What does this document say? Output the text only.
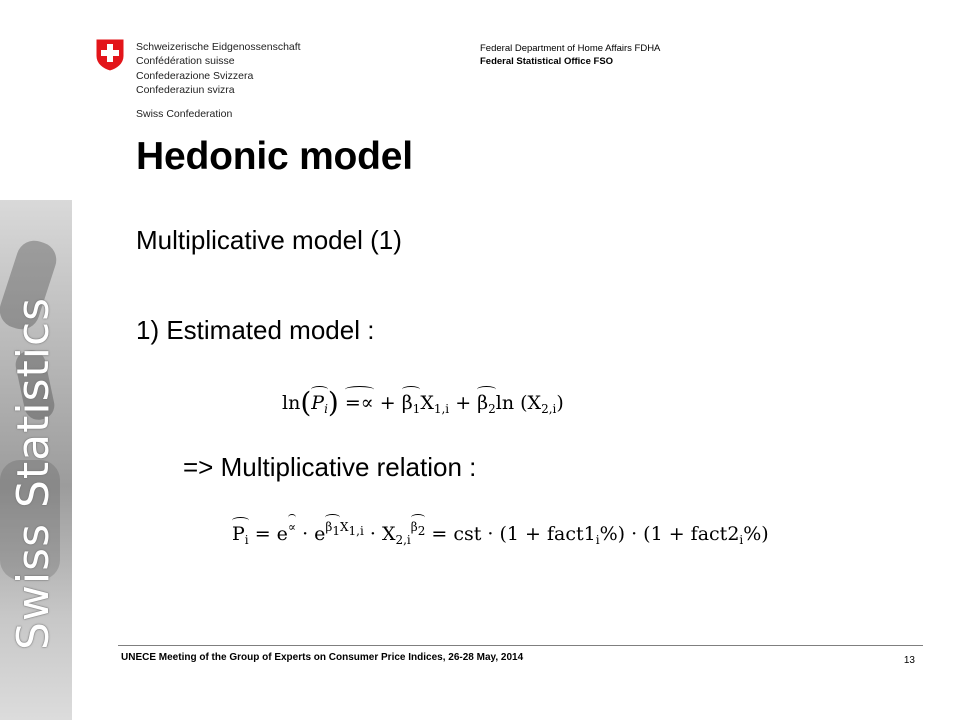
Swiss Statistics
Schweizerische Eidgenossenschaft
Confédération suisse
Confederazione Svizzera
Confederaziun svizra
Swiss Confederation
Federal Department of Home Affairs FDHA
Federal Statistical Office FSO
Hedonic model
Multiplicative model (1)
1) Estimated model :
$\ln(P_i)$ =∝ + $\beta_1X_{1,i} + \beta_2\ln$ $(X_{2,i})$
=> Multiplicative relation :
$P_i = e^\propto \cdot e^{\beta_1X_{1,i}} \cdot X_{2,i}^{\beta_2}$ = cst · $(1 + fact1_i\%) \cdot (1$ + $fact2_i\%$)
UNECE Meeting of the Group of Experts on Consumer Price Indices, 26-28 May, 2014	13
